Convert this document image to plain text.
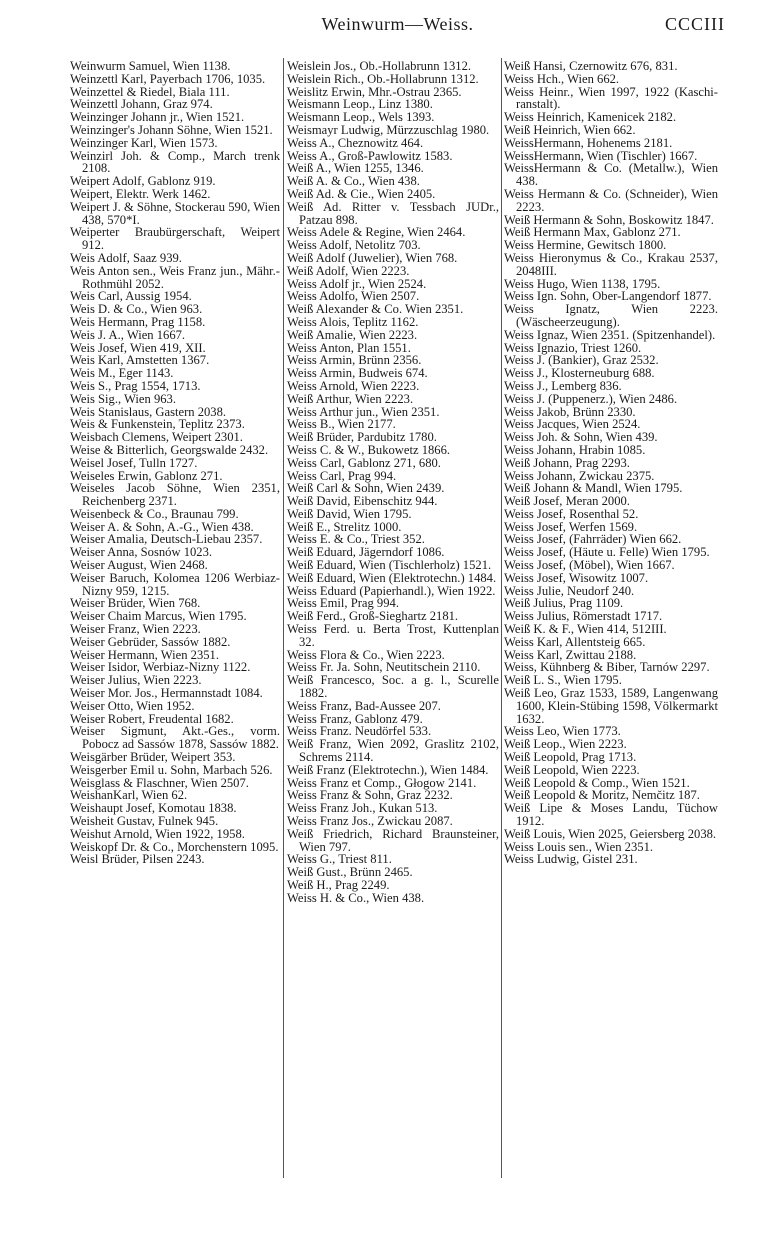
Weinwurm—Weiss.	CCCIII

Weinwurm Samuel, Wien 1138.

Weinzettl Karl, Payerbach 1706, 1035.

Weinzettel & Riedel, Biala 111.

Weinzettl Johann, Graz 974.

Weinzinger Johann jr., Wien 1521.

Weinzinger's Johann Söhne, Wien 1521.

Weinzinger Karl, Wien 1573.

Weinzirl Joh. & Comp., March trenk 2108.

Weipert Adolf, Gablonz 919.

Weipert, Elektr. Werk 1462.

Weipert J. & Söhne, Stockerau 590, Wien 438, 570*I.

Weiperter Braubürgerschaft, Weipert 912.

Weis Adolf, Saaz 939.

Weis Anton sen., Weis Franz jun., Mähr.-Rothmühl 2052.

Weis Carl, Aussig 1954.

Weis D. & Co., Wien 963.

Weis Hermann, Prag 1158.

Weis J. A., Wien 1667.

Weis Josef, Wien 419, XII.

Weis Karl, Amstetten 1367.

Weis M., Eger 1143.

Weis S., Prag 1554, 1713.

Weis Sig., Wien 963.

Weis Stanislaus, Gastern 2038.

Weis & Funkenstein, Teplitz 2373.

Weisbach Clemens, Weipert 2301.

Weise & Bitterlich, Georgswalde 2432.

Weisel Josef, Tulln 1727.

Weiseles Erwin, Gablonz 271.

Weiseles Jacob Söhne, Wien 2351, Reichenberg 2371.

Weisenbeck & Co., Braunau 799.

Weiser A. & Sohn, A.-G., Wien 438.

Weiser Amalia, Deutsch-Liebau 2357.

Weiser Anna, Sosnów 1023.

Weiser August, Wien 2468.

Weiser Baruch, Kolomea 1206 Werbiaz-Nizny 959, 1215.

Weiser Brüder, Wien 768.

Weiser Chaim Marcus, Wien 1795.

Weiser Franz, Wien 2223.

Weiser Gebrüder, Sassów 1882.

Weiser Hermann, Wien 2351.

Weiser Isidor, Werbiaz-Nizny 1122.

Weiser Julius, Wien 2223.

Weiser Mor. Jos., Hermannstadt 1084.

Weiser Otto, Wien 1952.

Weiser Robert, Freudental 1682.

Weiser Sigmunt, Akt.-Ges., vorm. Pobocz ad Sassów 1878, Sassów 1882.

Weisgärber Brüder, Weipert 353.

Weisgerber Emil u. Sohn, Marbach 526.

Weisglass & Flaschner, Wien 2507.

WeishanKarl, Wien 62.

Weishaupt Josef, Komotau 1838.

Weisheit Gustav, Fulnek 945.

Weishut Arnold, Wien 1922, 1958.

Weiskopf Dr. & Co., Morchenstern 1095.

Weisl Brüder, Pilsen 2243.

Weislein Jos., Ob.-Hollabrunn 1312.

Weislein Rich., Ob.-Hollabrunn 1312.

Weislitz Erwin, Mhr.-Ostrau 2365.

Weismann Leop., Linz 1380.

Weismann Leop., Wels 1393.

Weismayr Ludwig, Mürzzuschlag 1980.

Weiss A., Cheznowitz 464.

Weiss A., Groß-Pawlowitz 1583.

Weiß A., Wien 1255, 1346.

Weiß A. & Co., Wien 438.

Weiß Ad. & Cie., Wien 2405.

Weiß Ad. Ritter v. Tessbach JUDr., Patzau 898.

Weiss Adele & Regine, Wien 2464.

Weiss Adolf, Netolitz 703.

Weiß Adolf (Juwelier), Wien 768.

Weiß Adolf, Wien 2223.

Weiss Adolf jr., Wien 2524.

Weiss Adolfo, Wien 2507.

Weiß Alexander & Co. Wien 2351.

Weiss Alois, Teplitz 1162.

Weiß Amalie, Wien 2223.

Weiss Anton, Plan 1551.

Weiss Armin, Brünn 2356.

Weiss Armin, Budweis 674.

Weiss Arnold, Wien 2223.

Weiß Arthur, Wien 2223.

Weiss Arthur jun., Wien 2351.

Weiss B., Wien 2177.

Weiß Brüder, Pardubitz 1780.

Weiss C. & W., Bukowetz 1866.

Weiss Carl, Gablonz 271, 680.

Weiss Carl, Prag 994.

Weiß Carl & Sohn, Wien 2439.

Weiß David, Eibenschitz 944.

Weiß David, Wien 1795.

Weiß E., Strelitz 1000.

Weiss E. & Co., Triest 352.

Weiß Eduard, Jägerndorf 1086.

Weiß Eduard, Wien (Tischlerholz) 1521.

Weiß Eduard, Wien (Elektrotechn.) 1484.

Weiss Eduard (Papierhandl.), Wien 1922.

Weiss Emil, Prag 994.

Weiß Ferd., Groß-Sieghartz 2181.

Weiss Ferd. u. Berta Trost, Kuttenplan 32.

Weiss Flora & Co., Wien 2223.

Weiss Fr. Ja. Sohn, Neutitschein 2110.

Weiß Francesco, Soc. a g. l., Scurelle 1882.

Weiss Franz, Bad-Aussee 207.

Weiss Franz, Gablonz 479.

Weiss Franz. Neudörfel 533.

Weiß Franz, Wien 2092, Graslitz 2102, Schrems 2114.

Weiß Franz (Elektrotechn.), Wien 1484.

Weiss Franz et Comp., Głogow 2141.

Weiss Franz & Sohn, Graz 2232.

Weiss Franz Joh., Kukan 513.

Weiss Franz Jos., Zwickau 2087.

Weiß Friedrich, Richard Braunsteiner, Wien 797.

Weiss G., Triest 811.

Weiß Gust., Brünn 2465.

Weiß H., Prag 2249.

Weiss H. & Co., Wien 438.

Weiß Hansi, Czernowitz 676, 831.

Weiss Hch., Wien 662.

Weiss Heinr., Wien 1997, 1922 (Kaschi-ranstalt).

Weiss Heinrich, Kamenicek 2182.

Weiß Heinrich, Wien 662.

WeissHermann, Hohenems 2181.

WeissHermann, Wien (Tischler) 1667.

WeissHermann & Co. (Metallw.), Wien 438.

Weiss Hermann & Co. (Schneider), Wien 2223.

Weiß Hermann & Sohn, Boskowitz 1847.

Weiß Hermann Max, Gablonz 271.

Weiss Hermine, Gewitsch 1800.

Weiss Hieronymus & Co., Krakau 2537, 2048III.

Weiss Hugo, Wien 1138, 1795.

Weiss Ign. Sohn, Ober-Langendorf 1877.

Weiss Ignatz, Wien 2223. (Wäscheerzeugung).

Weiss Ignaz, Wien 2351. (Spitzenhandel).

Weiss Ignazio, Triest 1260.

Weiss J. (Bankier), Graz 2532.

Weiss J., Klosterneuburg 688.

Weiss J., Lemberg 836.

Weiss J. (Puppenerz.), Wien 2486.

Weiss Jakob, Brünn 2330.

Weiss Jacques, Wien 2524.

Weiss Joh. & Sohn, Wien 439.

Weiss Johann, Hrabin 1085.

Weiß Johann, Prag 2293.

Weiss Johann, Zwickau 2375.

Weiß Johann & Mandl, Wien 1795.

Weiß Josef, Meran 2000.

Weiss Josef, Rosenthal 52.

Weiss Josef, Werfen 1569.

Weiss Josef, (Fahrräder) Wien 662.

Weiss Josef, (Häute u. Felle) Wien 1795.

Weiss Josef, (Möbel), Wien 1667.

Weiss Josef, Wisowitz 1007.

Weiss Julie, Neudorf 240.

Weiß Julius, Prag 1109.

Weiss Julius, Römerstadt 1717.

Weiß K. & F., Wien 414, 512III.

Weiss Karl, Allentsteig 665.

Weiss Karl, Zwittau 2188.

Weiss, Kühnberg & Biber, Tarnów 2297.

Weiß L. S., Wien 1795.

Weiß Leo, Graz 1533, 1589, Langenwang 1600, Klein-Stübing 1598, Völkermarkt 1632.

Weiss Leo, Wien 1773.

Weiß Leop., Wien 2223.

Weiß Leopold, Prag 1713.

Weiß Leopold, Wien 2223.

Weiß Leopold & Comp., Wien 1521.

Weiß Leopold & Moritz, Nemčitz 187.

Weiß Lipe & Moses Landu, Tüchow 1912.

Weiß Louis, Wien 2025, Geiersberg 2038.

Weiss Louis sen., Wien 2351.

Weiss Ludwig, Gistel 231.
